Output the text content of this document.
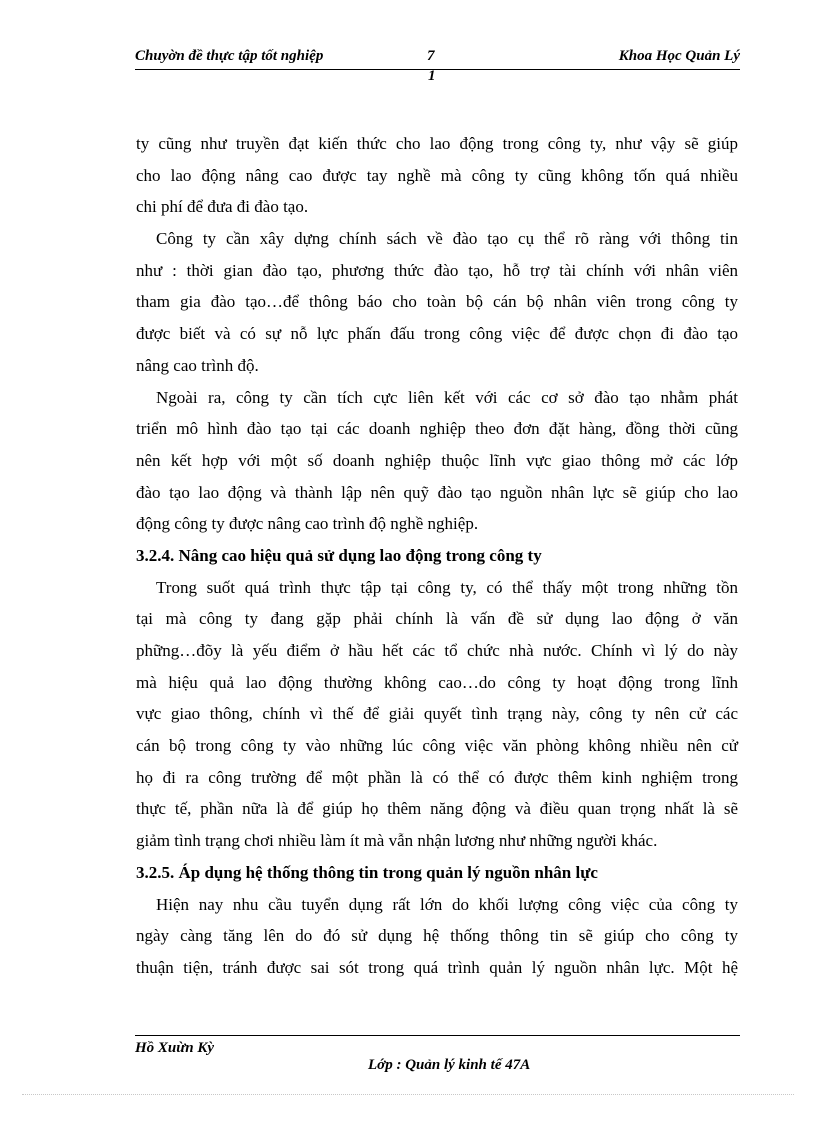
Chuyờn đề thực tập tốt nghiệp	7	Khoa Học Quản Lý
1
ty cũng như truyền đạt kiến thức cho lao động trong công ty, như vậy sẽ giúp
cho lao động nâng cao được tay nghề mà công ty cũng không tốn quá nhiều
chi phí để đưa đi đào tạo.
Công ty cần xây dựng chính sách về đào tạo cụ thể rõ ràng với thông tin
như : thời gian đào tạo, phương thức đào tạo, hỗ trợ tài chính với nhân viên
tham gia đào tạo…để thông báo cho toàn bộ cán bộ nhân viên trong công ty
được biết và có sự nỗ lực phấn đấu trong công việc để được chọn đi đào tạo
nâng cao trình độ.
Ngoài ra, công ty cần tích cực liên kết với các cơ sở đào tạo nhằm phát
triển mô hình đào tạo tại các doanh nghiệp theo đơn đặt hàng, đồng thời cũng
nên kết hợp với một số doanh nghiệp thuộc lĩnh vực giao thông mở các lớp
đào tạo lao động và thành lập nên quỹ đào tạo nguồn nhân lực sẽ giúp cho lao
động công ty được nâng cao trình độ nghề nghiệp.
3.2.4. Nâng cao hiệu quả sử dụng lao động trong công ty
Trong suốt quá trình thực tập tại công ty, có thể thấy một trong những tồn
tại mà công ty đang gặp phải chính là vấn đề sử dụng lao động ở văn
phững…đõy là yếu điểm ở hầu hết các tổ chức nhà nước. Chính vì lý do này
mà hiệu quả lao động thường không cao…do công ty hoạt động trong lĩnh
vực giao thông, chính vì thế để giải quyết tình trạng này, công ty nên cử các
cán bộ trong công ty vào những lúc công việc văn phòng không nhiều nên cử
họ đi ra công trường để một phần là có thể có được thêm kinh nghiệm trong
thực tế, phần nữa là để giúp họ thêm năng động và điều quan trọng nhất là sẽ
giảm tình trạng chơi nhiều làm ít mà vẫn nhận lương như những người khác.
3.2.5. Áp dụng hệ thống thông tin trong quản lý nguồn nhân lực
Hiện nay nhu cầu tuyển dụng rất lớn do khối lượng công việc của công ty
ngày càng tăng lên do đó sử dụng hệ thống thông tin sẽ giúp cho công ty
thuận tiện, tránh được sai sót trong quá trình quản lý nguồn nhân lực. Một hệ
Hồ Xuừn Kỳ
Lớp : Quản lý kinh tế 47A
